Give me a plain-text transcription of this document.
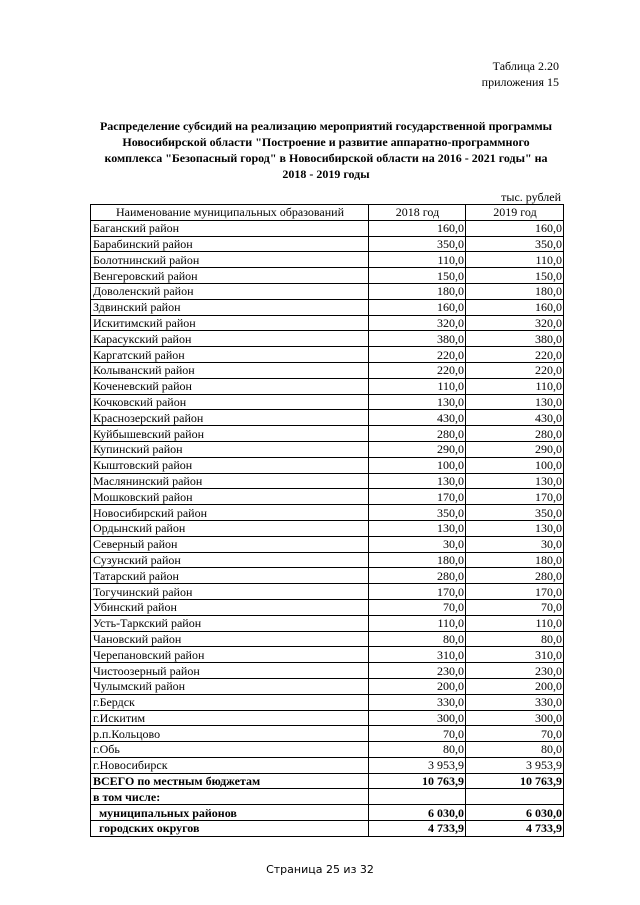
Таблица 2.20
приложения 15
Распределение субсидий на реализацию мероприятий государственной программы
Новосибирской области "Построение и развитие аппаратно-программного
комплекса "Безопасный город" в Новосибирской области на 2016 - 2021 годы" на
2018 - 2019 годы
тыс. рублей
Наименование муниципальных образований	2018 год	2019 год
Баганский район	160,0	160,0
Барабинский район	350,0	350,0
Болотнинский район	110,0	110,0
Венгеровский район	150,0	150,0
Доволенский район	180,0	180,0
Здвинский район	160,0	160,0
Искитимский район	320,0	320,0
Карасукский район	380,0	380,0
Каргатский район	220,0	220,0
Колыванский район	220,0	220,0
Коченевский район	110,0	110,0
Кочковский район	130,0	130,0
Краснозерский район	430,0	430,0
Куйбышевский район	280,0	280,0
Купинский район	290,0	290,0
Кыштовский район	100,0	100,0
Маслянинский район	130,0	130,0
Мошковский район	170,0	170,0
Новосибирский район	350,0	350,0
Ордынский район	130,0	130,0
Северный район	30,0	30,0
Сузунский район	180,0	180,0
Татарский район	280,0	280,0
Тогучинский район	170,0	170,0
Убинский район	70,0	70,0
Усть-Таркский район	110,0	110,0
Чановский район	80,0	80,0
Черепановский район	310,0	310,0
Чистоозерный район	230,0	230,0
Чулымский район	200,0	200,0
г.Бердск	330,0	330,0
г.Искитим	300,0	300,0
р.п.Кольцово	70,0	70,0
г.Обь	80,0	80,0
г.Новосибирск	3 953,9	3 953,9
ВСЕГО по местным бюджетам	10 763,9	10 763,9
в том числе:		
муниципальных районов	6 030,0	6 030,0
городских округов	4 733,9	4 733,9
Страница 25 из 32
